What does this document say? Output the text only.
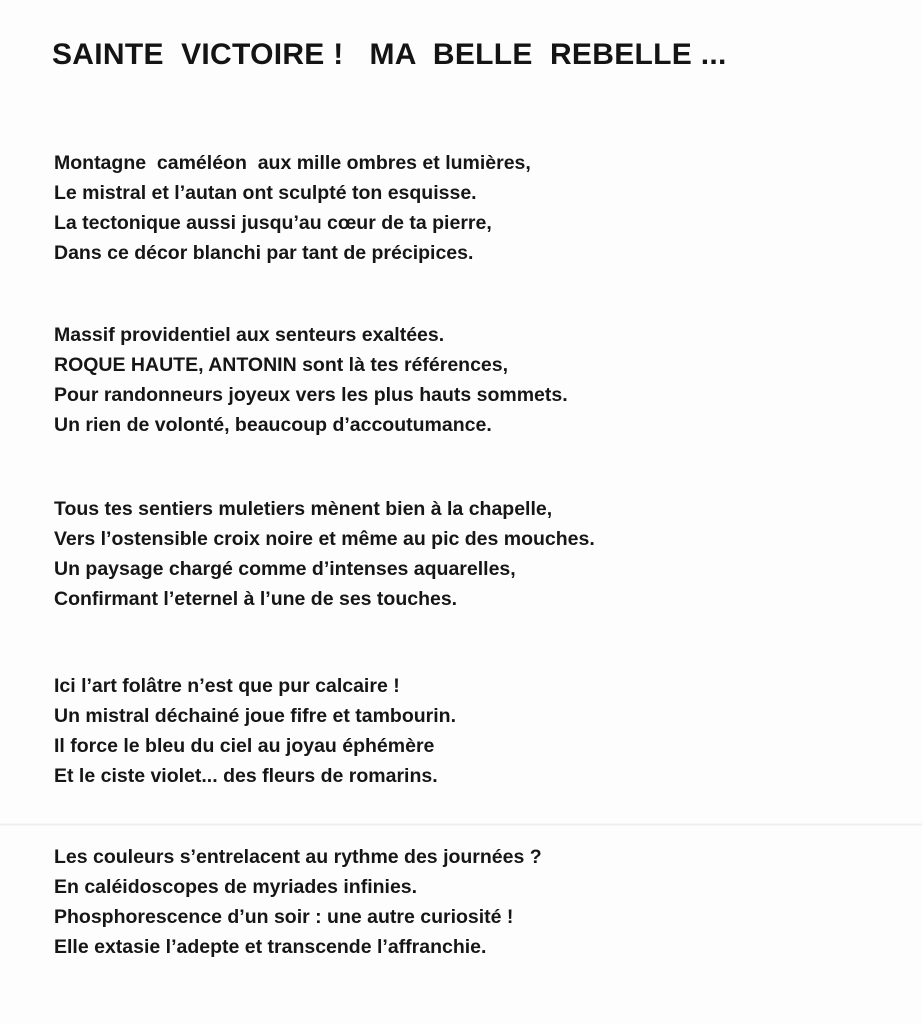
SAINTE  VICTOIRE !   MA  BELLE  REBELLE ...
Montagne  caméléon  aux mille ombres et lumières,
Le mistral et l’autan ont sculpté ton esquisse.
La tectonique aussi jusqu’au cœur de ta pierre,
Dans ce décor blanchi par tant de précipices.
Massif providentiel aux senteurs exaltées.
ROQUE HAUTE, ANTONIN sont là tes références,
Pour randonneurs joyeux vers les plus hauts sommets.
Un rien de volonté, beaucoup d’accoutumance.
Tous tes sentiers muletiers mènent bien à la chapelle,
Vers l’ostensible croix noire et même au pic des mouches.
Un paysage chargé comme d’intenses aquarelles,
Confirmant l’eternel à l’une de ses touches.
Ici l’art folâtre n’est que pur calcaire !
Un mistral déchainé joue fifre et tambourin.
Il force le bleu du ciel au joyau éphémère
Et le ciste violet... des fleurs de romarins.
Les couleurs s’entrelacent au rythme des journées ?
En caléidoscopes de myriades infinies.
Phosphorescence d’un soir : une autre curiosité !
Elle extasie l’adepte et transcende l’affranchie.
